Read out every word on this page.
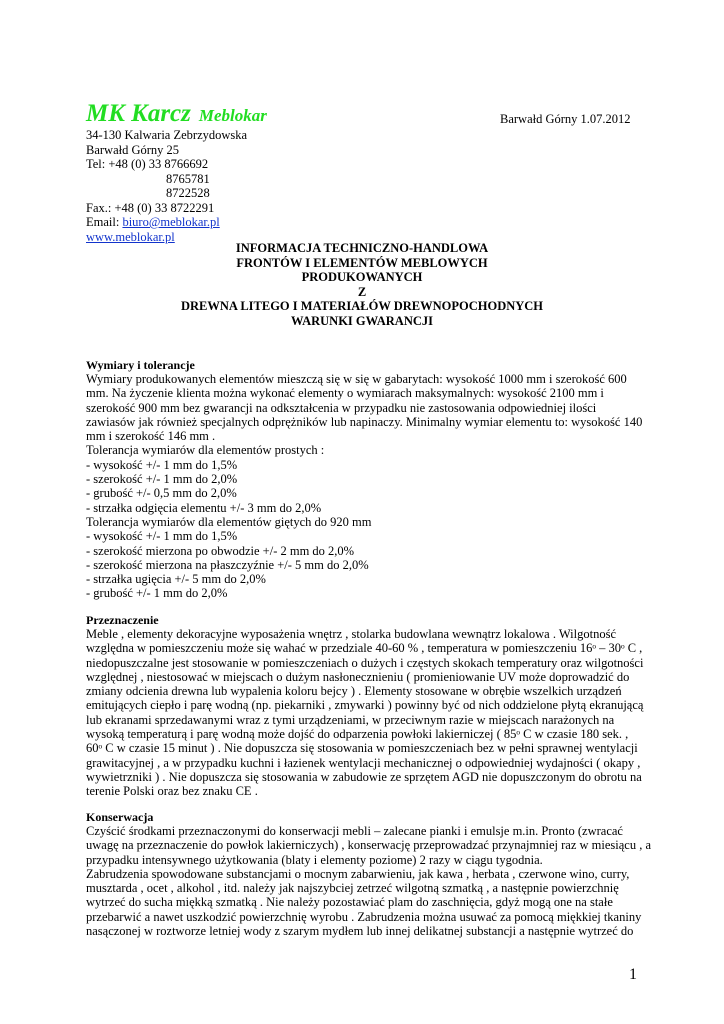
MK Karcz Meblokar	Barwałd Górny 1.07.2012
34-130 Kalwaria Zebrzydowska
Barwałd Górny 25
Tel: +48 (0) 33 8766692
8765781
8722528
Fax.: +48 (0) 33 8722291
Email: biuro@meblokar.pl
www.meblokar.pl
INFORMACJA TECHNICZNO-HANDLOWA
FRONTÓW I ELEMENTÓW MEBLOWYCH
PRODUKOWANYCH
Z
DREWNA LITEGO I MATERIAŁÓW DREWNOPOCHODNYCH
WARUNKI GWARANCJI
Wymiary i tolerancje
Wymiary produkowanych elementów mieszczą się w się w gabarytach: wysokość 1000 mm i szerokość 600
mm. Na życzenie klienta można wykonać elementy o wymiarach maksymalnych: wysokość 2100 mm i
szerokość 900 mm bez gwarancji na odkształcenia w przypadku nie zastosowania odpowiedniej ilości
zawiasów jak również specjalnych odprężników lub napinaczy. Minimalny wymiar elementu to: wysokość 140
mm i szerokość 146 mm .
Tolerancja wymiarów dla elementów prostych :
- wysokość +/- 1 mm do 1,5%
- szerokość +/- 1 mm do 2,0%
- grubość +/- 0,5 mm do 2,0%
- strzałka odgięcia elementu +/- 3 mm do 2,0%
Tolerancja wymiarów dla elementów giętych do 920 mm
- wysokość +/- 1 mm do 1,5%
- szerokość mierzona po obwodzie +/- 2 mm do 2,0%
- szerokość mierzona na płaszczyźnie +/- 5 mm do 2,0%
- strzałka ugięcia +/- 5 mm do 2,0%
- grubość +/- 1 mm do 2,0%
Przeznaczenie
Meble , elementy dekoracyjne wyposażenia wnętrz , stolarka budowlana wewnątrz lokalowa . Wilgotność
względna w pomieszczeniu może się wahać w przedziale 40-60 % , temperatura w pomieszczeniu 16ᵒ – 30ᵒ C ,
niedopuszczalne jest stosowanie w pomieszczeniach o dużych i częstych skokach temperatury oraz wilgotności
względnej , niestosować w miejscach o dużym nasłonecznieniu ( promieniowanie UV może doprowadzić do
zmiany odcienia drewna lub wypalenia koloru bejcy ) . Elementy stosowane w obrębie wszelkich urządzeń
emitujących ciepło i parę wodną (np. piekarniki , zmywarki ) powinny być od nich oddzielone płytą ekranującą
lub ekranami sprzedawanymi wraz z tymi urządzeniami, w przeciwnym razie w miejscach narażonych na
wysoką temperaturą i parę wodną może dojść do odparzenia powłoki lakierniczej ( 85ᵒ C w czasie 180 sek. ,
60ᵒ C w czasie 15 minut ) . Nie dopuszcza się stosowania w pomieszczeniach bez w pełni sprawnej wentylacji
grawitacyjnej , a w przypadku kuchni i łazienek wentylacji mechanicznej o odpowiedniej wydajności ( okapy ,
wywietrzniki ) . Nie dopuszcza się stosowania w zabudowie ze sprzętem AGD nie dopuszczonym do obrotu na
terenie Polski oraz bez znaku CE .
Konserwacja
Czyścić środkami przeznaczonymi do konserwacji mebli – zalecane pianki i emulsje m.in. Pronto (zwracać
uwagę na przeznaczenie do powłok lakierniczych) , konserwację przeprowadzać przynajmniej raz w miesiącu , a
przypadku intensywnego użytkowania (blaty i elementy poziome) 2 razy w ciągu tygodnia.
Zabrudzenia spowodowane substancjami o mocnym zabarwieniu, jak kawa , herbata , czerwone wino, curry,
musztarda , ocet , alkohol , itd. należy jak najszybciej zetrzeć wilgotną szmatką , a następnie powierzchnię
wytrzeć do sucha miękką szmatką . Nie należy pozostawiać plam do zaschnięcia, gdyż mogą one na stałe
przebarwić a nawet uszkodzić powierzchnię wyrobu . Zabrudzenia można usuwać za pomocą miękkiej tkaniny
nasączonej w roztworze letniej wody z szarym mydłem lub innej delikatnej substancji a następnie wytrzeć do
1
